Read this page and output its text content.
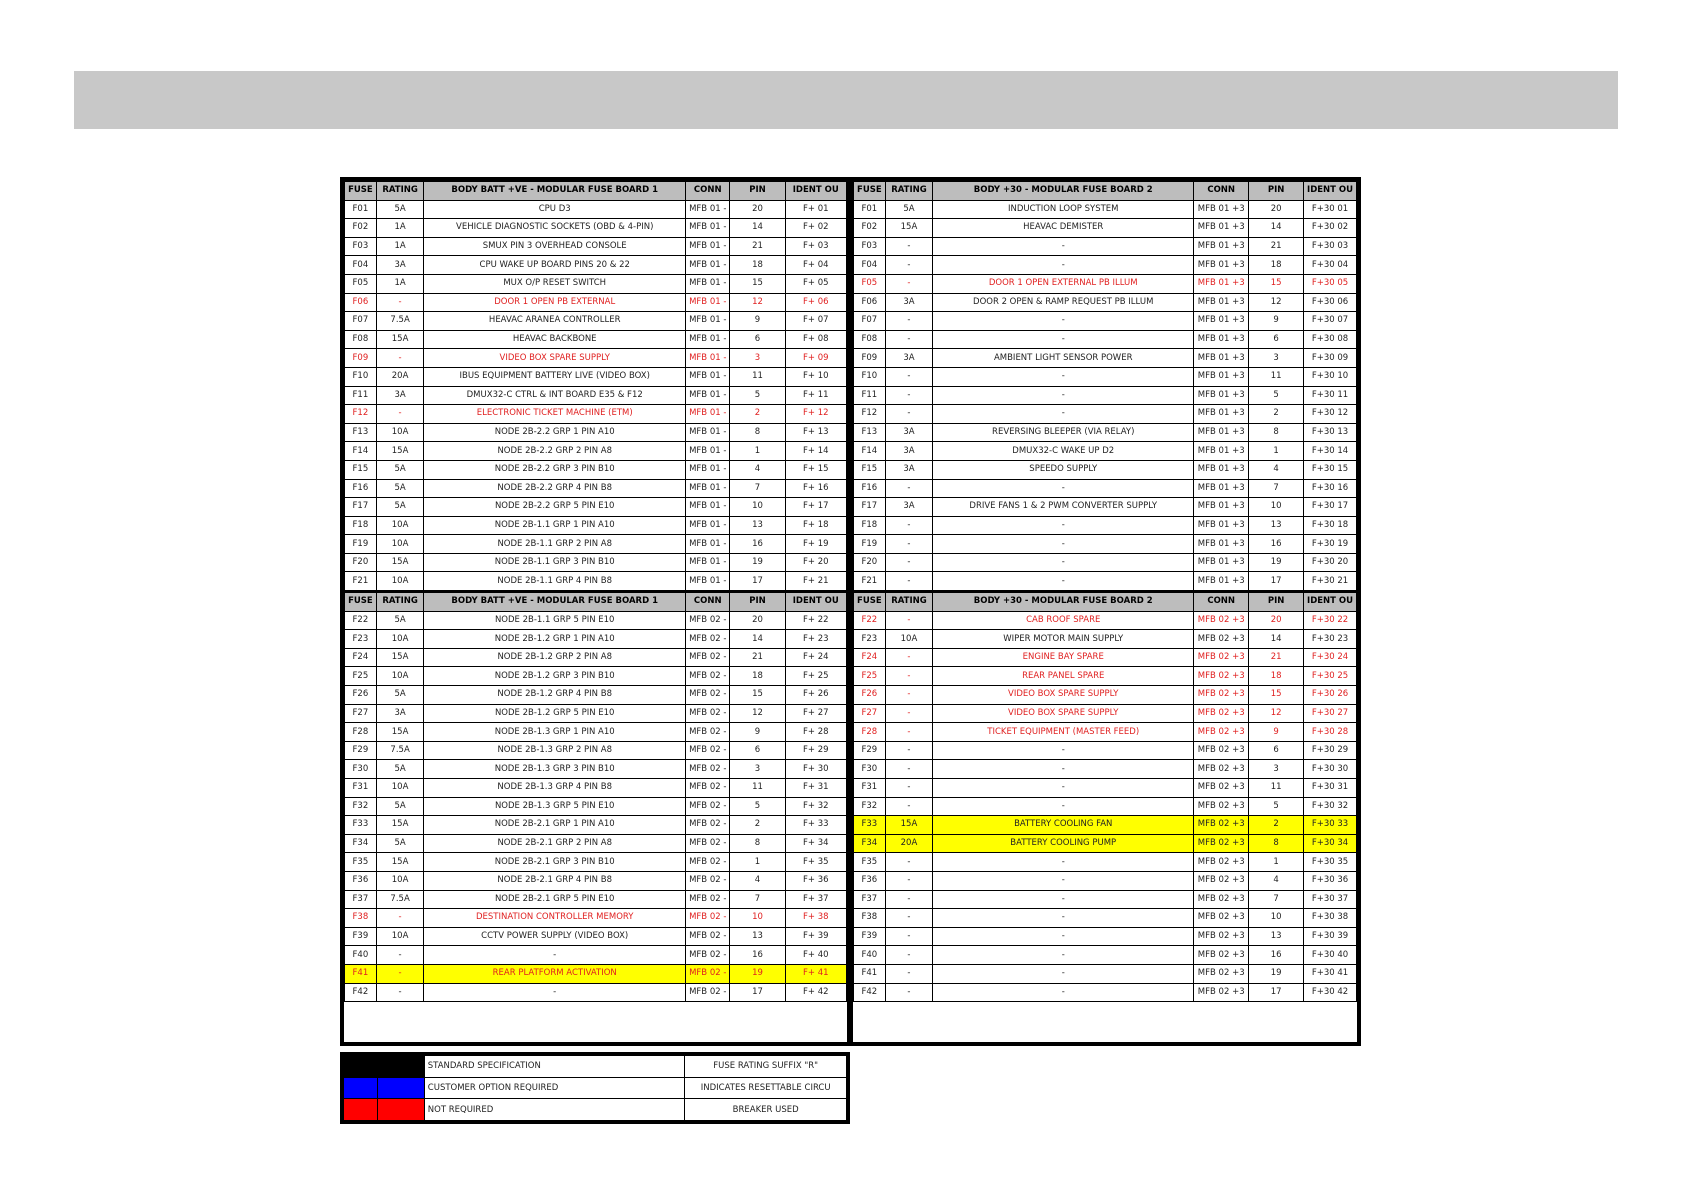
FUSE	RATING	BODY BATT +VE - MODULAR FUSE BOARD 1	CONN	PIN	IDENT OU
F01	5A	CPU D3	MFB 01 -	20	F+ 01
F02	1A	VEHICLE DIAGNOSTIC SOCKETS (OBD & 4-PIN)	MFB 01 -	14	F+ 02
F03	1A	SMUX PIN 3 OVERHEAD CONSOLE	MFB 01 -	21	F+ 03
F04	3A	CPU WAKE UP BOARD PINS 20 & 22	MFB 01 -	18	F+ 04
F05	1A	MUX O/P RESET SWITCH	MFB 01 -	15	F+ 05
F06	-	DOOR 1 OPEN PB EXTERNAL	MFB 01 -	12	F+ 06
F07	7.5A	HEAVAC ARANEA CONTROLLER	MFB 01 -	9	F+ 07
F08	15A	HEAVAC BACKBONE	MFB 01 -	6	F+ 08
F09	-	VIDEO BOX SPARE SUPPLY	MFB 01 -	3	F+ 09
F10	20A	IBUS EQUIPMENT BATTERY LIVE (VIDEO BOX)	MFB 01 -	11	F+ 10
F11	3A	DMUX32-C CTRL & INT BOARD E35 & F12	MFB 01 -	5	F+ 11
F12	-	ELECTRONIC TICKET MACHINE (ETM)	MFB 01 -	2	F+ 12
F13	10A	NODE 2B-2.2 GRP 1 PIN A10	MFB 01 -	8	F+ 13
F14	15A	NODE 2B-2.2 GRP 2 PIN A8	MFB 01 -	1	F+ 14
F15	5A	NODE 2B-2.2 GRP 3 PIN B10	MFB 01 -	4	F+ 15
F16	5A	NODE 2B-2.2 GRP 4 PIN B8	MFB 01 -	7	F+ 16
F17	5A	NODE 2B-2.2 GRP 5 PIN E10	MFB 01 -	10	F+ 17
F18	10A	NODE 2B-1.1 GRP 1 PIN A10	MFB 01 -	13	F+ 18
F19	10A	NODE 2B-1.1 GRP 2 PIN A8	MFB 01 -	16	F+ 19
F20	15A	NODE 2B-1.1 GRP 3 PIN B10	MFB 01 -	19	F+ 20
F21	10A	NODE 2B-1.1 GRP 4 PIN B8	MFB 01 -	17	F+ 21
FUSE	RATING	BODY BATT +VE - MODULAR FUSE BOARD 1	CONN	PIN	IDENT OU
F22	5A	NODE 2B-1.1 GRP 5 PIN E10	MFB 02 -	20	F+ 22
F23	10A	NODE 2B-1.2 GRP 1 PIN A10	MFB 02 -	14	F+ 23
F24	15A	NODE 2B-1.2 GRP 2 PIN A8	MFB 02 -	21	F+ 24
F25	10A	NODE 2B-1.2 GRP 3 PIN B10	MFB 02 -	18	F+ 25
F26	5A	NODE 2B-1.2 GRP 4 PIN B8	MFB 02 -	15	F+ 26
F27	3A	NODE 2B-1.2 GRP 5 PIN E10	MFB 02 -	12	F+ 27
F28	15A	NODE 2B-1.3 GRP 1 PIN A10	MFB 02 -	9	F+ 28
F29	7.5A	NODE 2B-1.3 GRP 2 PIN A8	MFB 02 -	6	F+ 29
F30	5A	NODE 2B-1.3 GRP 3 PIN B10	MFB 02 -	3	F+ 30
F31	10A	NODE 2B-1.3 GRP 4 PIN B8	MFB 02 -	11	F+ 31
F32	5A	NODE 2B-1.3 GRP 5 PIN E10	MFB 02 -	5	F+ 32
F33	15A	NODE 2B-2.1 GRP 1 PIN A10	MFB 02 -	2	F+ 33
F34	5A	NODE 2B-2.1 GRP 2 PIN A8	MFB 02 -	8	F+ 34
F35	15A	NODE 2B-2.1 GRP 3 PIN B10	MFB 02 -	1	F+ 35
F36	10A	NODE 2B-2.1 GRP 4 PIN B8	MFB 02 -	4	F+ 36
F37	7.5A	NODE 2B-2.1 GRP 5 PIN E10	MFB 02 -	7	F+ 37
F38	-	DESTINATION CONTROLLER MEMORY	MFB 02 -	10	F+ 38
F39	10A	CCTV POWER SUPPLY (VIDEO BOX)	MFB 02 -	13	F+ 39
F40	-	-	MFB 02 -	16	F+ 40
F41	-	REAR PLATFORM ACTIVATION	MFB 02 -	19	F+ 41
F42	-	-	MFB 02 -	17	F+ 42
FUSE	RATING	BODY +30 - MODULAR FUSE BOARD 2	CONN	PIN	IDENT OU
F01	5A	INDUCTION LOOP SYSTEM	MFB 01 +3	20	F+30 01
F02	15A	HEAVAC DEMISTER	MFB 01 +3	14	F+30 02
F03	-	-	MFB 01 +3	21	F+30 03
F04	-	-	MFB 01 +3	18	F+30 04
F05	-	DOOR 1 OPEN EXTERNAL PB ILLUM	MFB 01 +3	15	F+30 05
F06	3A	DOOR 2 OPEN & RAMP REQUEST PB ILLUM	MFB 01 +3	12	F+30 06
F07	-	-	MFB 01 +3	9	F+30 07
F08	-	-	MFB 01 +3	6	F+30 08
F09	3A	AMBIENT LIGHT SENSOR POWER	MFB 01 +3	3	F+30 09
F10	-	-	MFB 01 +3	11	F+30 10
F11	-	-	MFB 01 +3	5	F+30 11
F12	-	-	MFB 01 +3	2	F+30 12
F13	3A	REVERSING BLEEPER (VIA RELAY)	MFB 01 +3	8	F+30 13
F14	3A	DMUX32-C WAKE UP D2	MFB 01 +3	1	F+30 14
F15	3A	SPEEDO SUPPLY	MFB 01 +3	4	F+30 15
F16	-	-	MFB 01 +3	7	F+30 16
F17	3A	DRIVE FANS 1 & 2 PWM CONVERTER SUPPLY	MFB 01 +3	10	F+30 17
F18	-	-	MFB 01 +3	13	F+30 18
F19	-	-	MFB 01 +3	16	F+30 19
F20	-	-	MFB 01 +3	19	F+30 20
F21	-	-	MFB 01 +3	17	F+30 21
FUSE	RATING	BODY +30 - MODULAR FUSE BOARD 2	CONN	PIN	IDENT OU
F22	-	CAB ROOF SPARE	MFB 02 +3	20	F+30 22
F23	10A	WIPER MOTOR MAIN SUPPLY	MFB 02 +3	14	F+30 23
F24	-	ENGINE BAY SPARE	MFB 02 +3	21	F+30 24
F25	-	REAR PANEL SPARE	MFB 02 +3	18	F+30 25
F26	-	VIDEO BOX SPARE SUPPLY	MFB 02 +3	15	F+30 26
F27	-	VIDEO BOX SPARE SUPPLY	MFB 02 +3	12	F+30 27
F28	-	TICKET EQUIPMENT (MASTER FEED)	MFB 02 +3	9	F+30 28
F29	-	-	MFB 02 +3	6	F+30 29
F30	-	-	MFB 02 +3	3	F+30 30
F31	-	-	MFB 02 +3	11	F+30 31
F32	-	-	MFB 02 +3	5	F+30 32
F33	15A	BATTERY COOLING FAN	MFB 02 +3	2	F+30 33
F34	20A	BATTERY COOLING PUMP	MFB 02 +3	8	F+30 34
F35	-	-	MFB 02 +3	1	F+30 35
F36	-	-	MFB 02 +3	4	F+30 36
F37	-	-	MFB 02 +3	7	F+30 37
F38	-	-	MFB 02 +3	10	F+30 38
F39	-	-	MFB 02 +3	13	F+30 39
F40	-	-	MFB 02 +3	16	F+30 40
F41	-	-	MFB 02 +3	19	F+30 41
F42	-	-	MFB 02 +3	17	F+30 42
		STANDARD SPECIFICATION	FUSE RATING SUFFIX "R"
		CUSTOMER OPTION REQUIRED	INDICATES RESETTABLE CIRCU
		NOT REQUIRED	BREAKER USED
